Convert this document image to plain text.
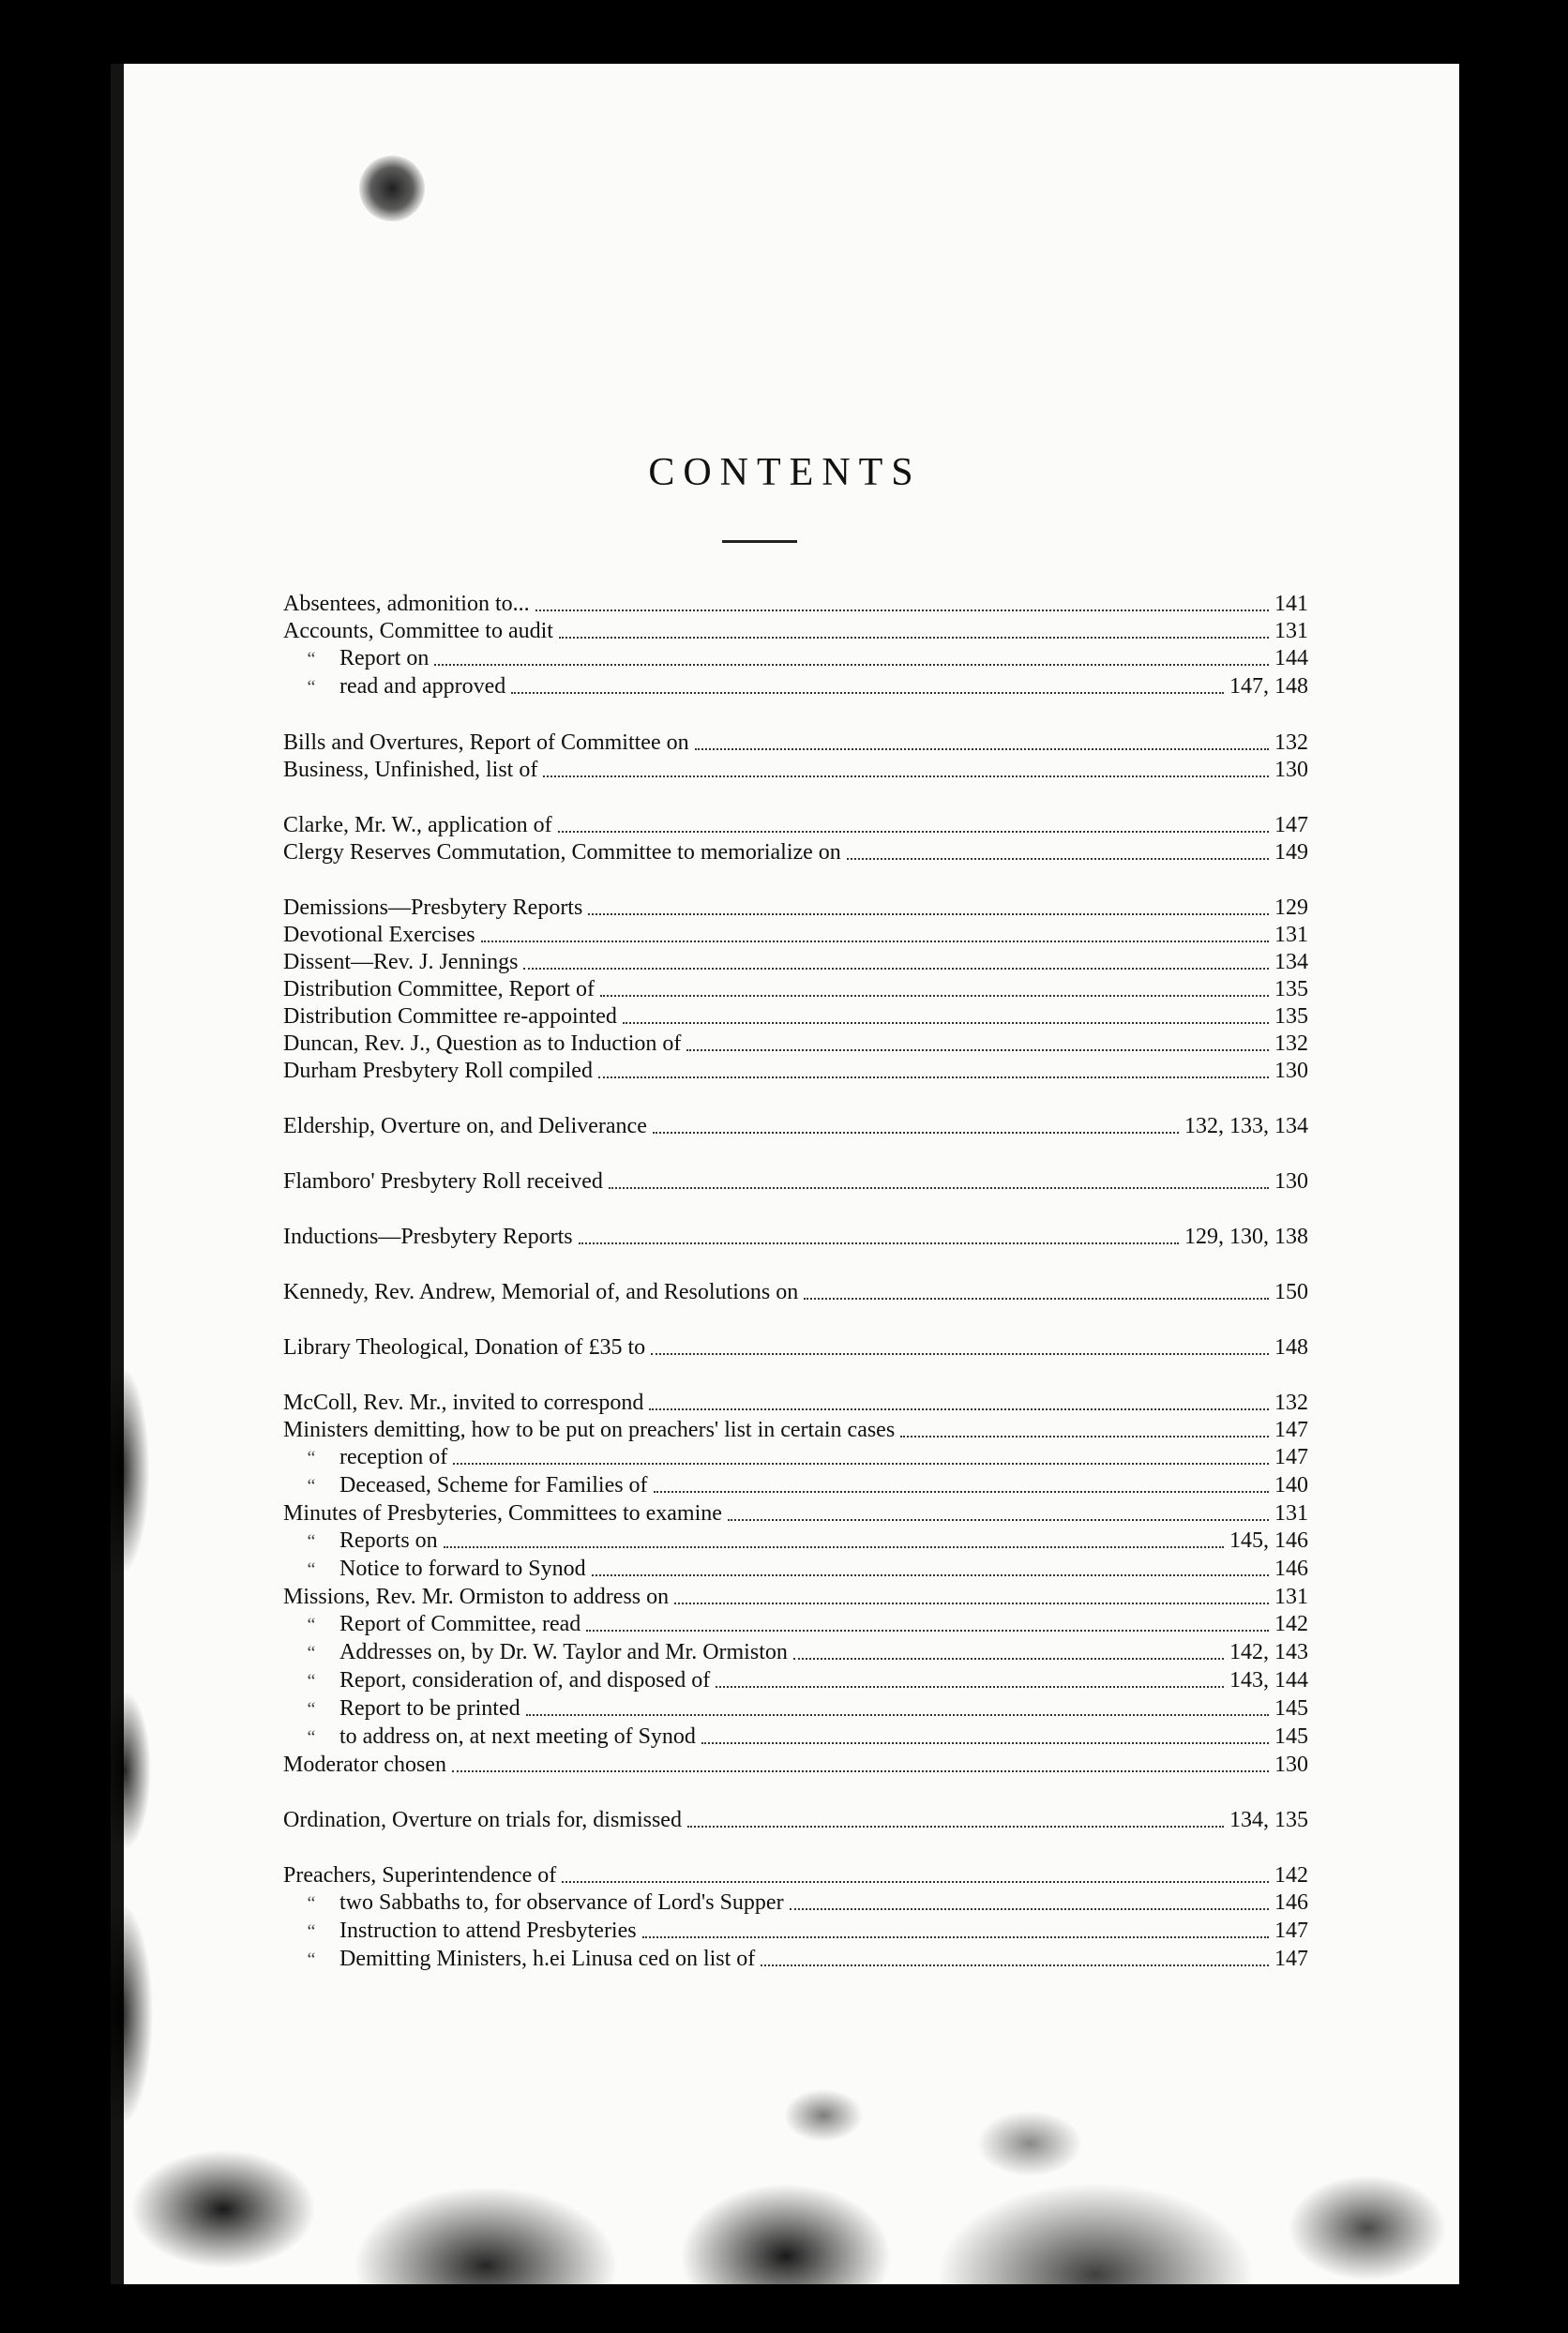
CONTENTS
Absentees, admonition to...	141
Accounts, Committee to audit	131
“	Report on	144
“	read and approved	147, 148
Bills and Overtures, Report of Committee on	132
Business, Unfinished, list of	130
Clarke, Mr. W., application of	147
Clergy Reserves Commutation, Committee to memorialize on	149
Demissions—Presbytery Reports	129
Devotional Exercises	131
Dissent—Rev. J. Jennings	134
Distribution Committee, Report of	135
Distribution Committee re-appointed	135
Duncan, Rev. J., Question as to Induction of	132
Durham Presbytery Roll compiled	130
Eldership, Overture on, and Deliverance	132, 133, 134
Flamboro' Presbytery Roll received	130
Inductions—Presbytery Reports	129, 130, 138
Kennedy, Rev. Andrew, Memorial of, and Resolutions on	150
Library Theological, Donation of £35 to	148
McColl, Rev. Mr., invited to correspond	132
Ministers demitting, how to be put on preachers' list in certain cases	147
“	reception of	147
“	Deceased, Scheme for Families of	140
Minutes of Presbyteries, Committees to examine	131
“	Reports on	145, 146
“	Notice to forward to Synod	146
Missions, Rev. Mr. Ormiston to address on	131
“	Report of Committee, read	142
“	Addresses on, by Dr. W. Taylor and Mr. Ormiston	142, 143
“	Report, consideration of, and disposed of	143, 144
“	Report to be printed	145
“	to address on, at next meeting of Synod	145
Moderator chosen	130
Ordination, Overture on trials for, dismissed	134, 135
Preachers, Superintendence of	142
“	two Sabbaths to, for observance of Lord's Supper	146
“	Instruction to attend Presbyteries	147
“	Demitting Ministers, h.ei Linusa ced on list of	147
